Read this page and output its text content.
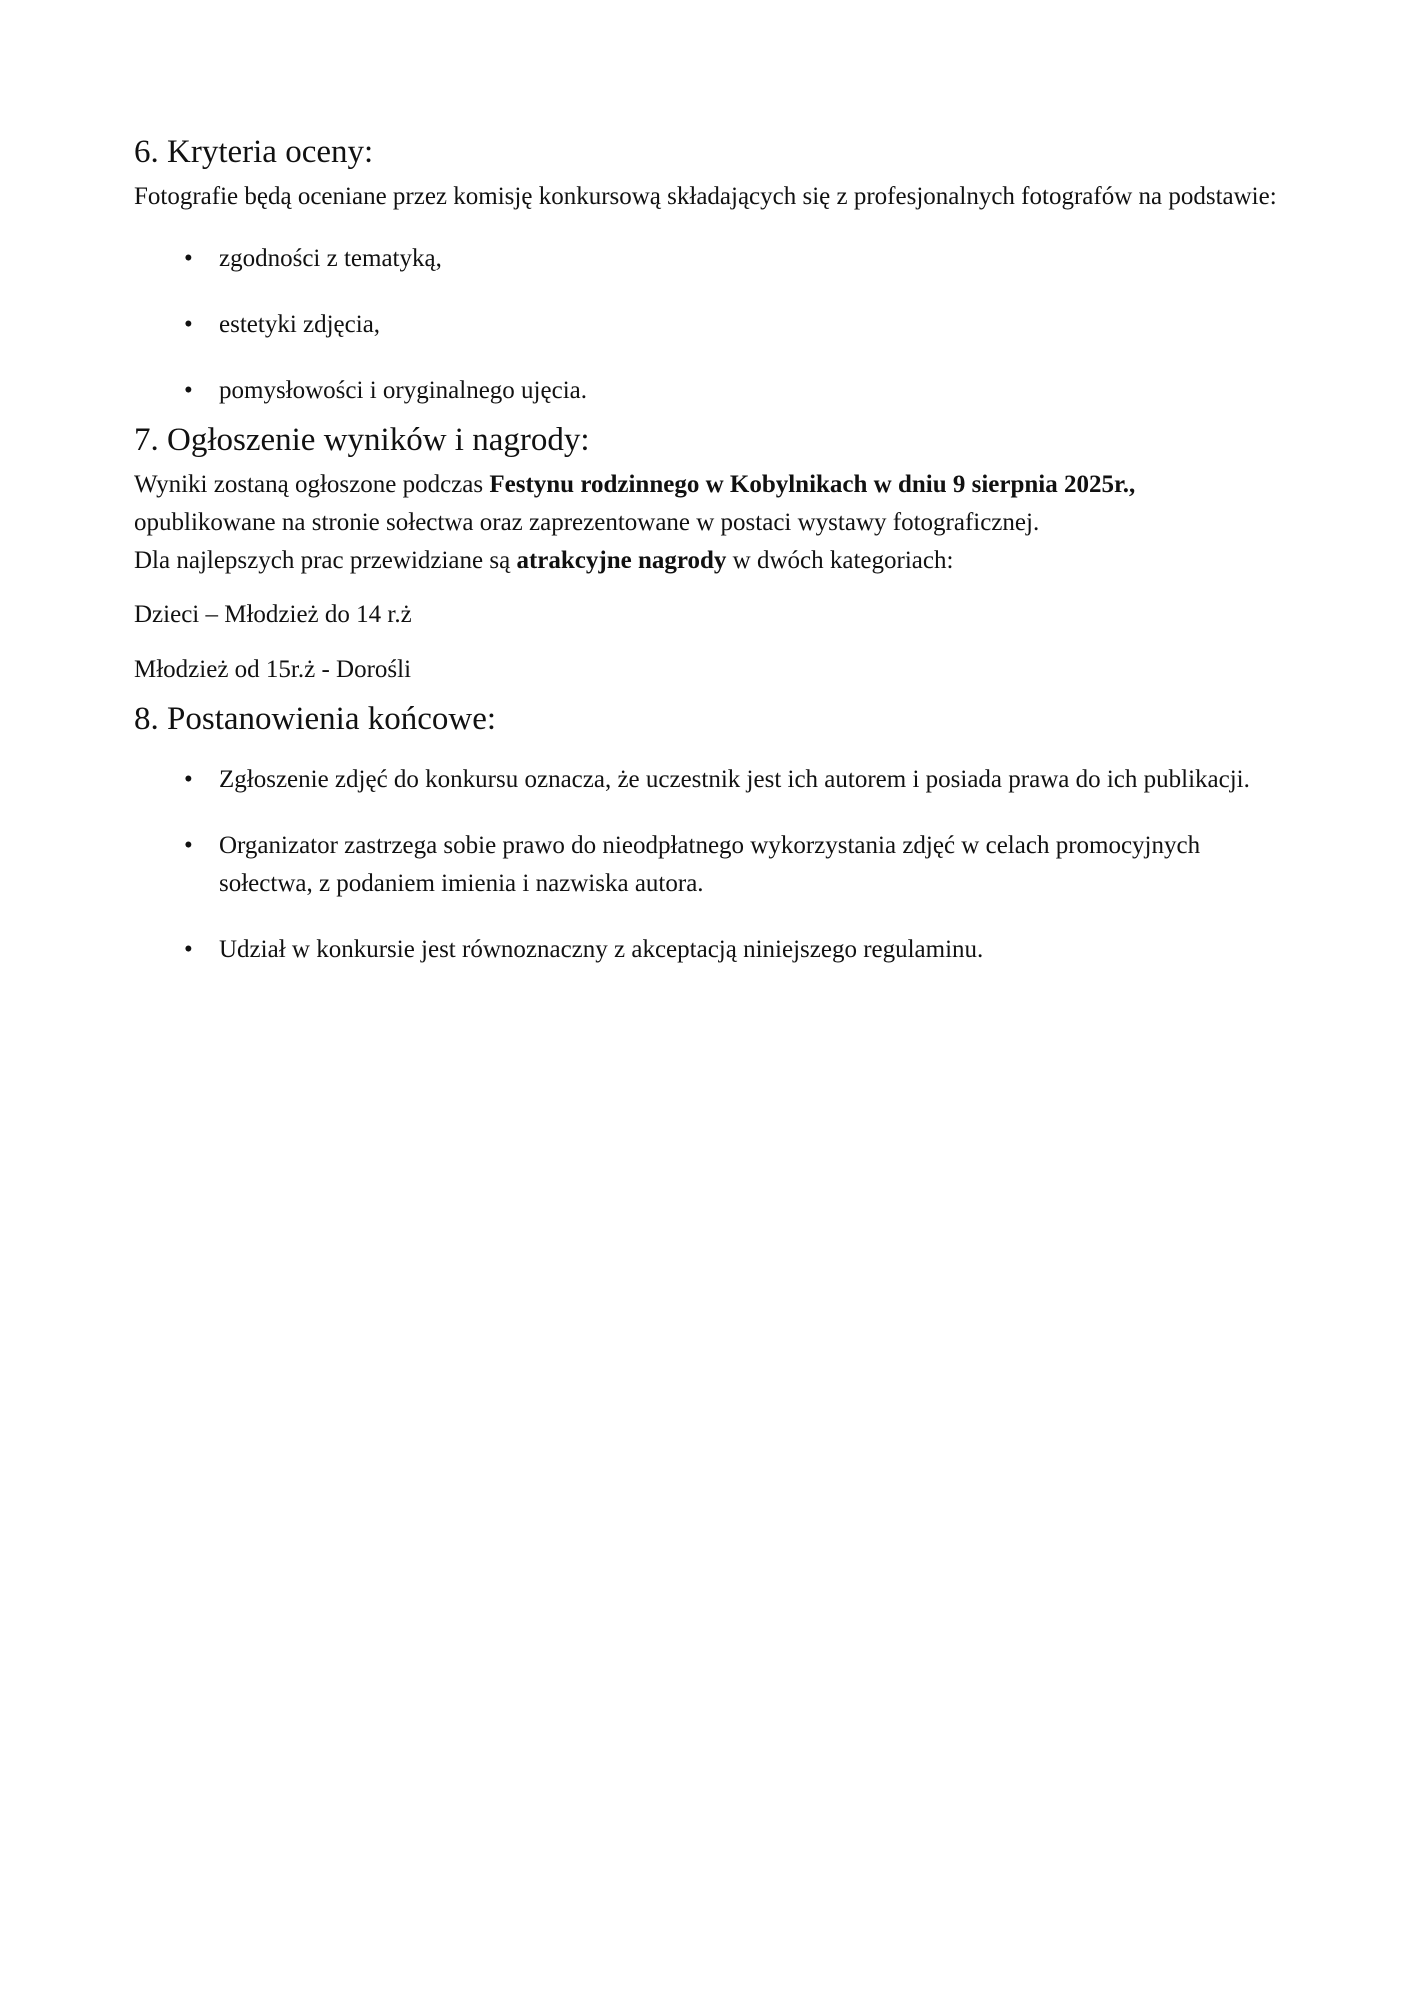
6. Kryteria oceny:

Fotografie będą oceniane przez komisję konkursową składających się z profesjonalnych fotografów na podstawie:

• zgodności z tematyką,
• estetyki zdjęcia,
• pomysłowości i oryginalnego ujęcia.
7. Ogłoszenie wyników i nagrody:

Wyniki zostaną ogłoszone podczas Festynu rodzinnego w Kobylnikach w dniu 9 sierpnia 2025r.,

opublikowane na stronie sołectwa oraz zaprezentowane w postaci wystawy fotograficznej.

Dla najlepszych prac przewidziane są atrakcyjne nagrody w dwóch kategoriach:

Dzieci – Młodzież do 14 r.ż

Młodzież od 15r.ż - Dorośli

8. Postanowienia końcowe:
• Zgłoszenie zdjęć do konkursu oznacza, że uczestnik jest ich autorem i posiada prawa do ich publikacji.
• Organizator zastrzega sobie prawo do nieodpłatnego wykorzystania zdjęć w celach promocyjnych sołectwa, z podaniem imienia i nazwiska autora.
• Udział w konkursie jest równoznaczny z akceptacją niniejszego regulaminu.
